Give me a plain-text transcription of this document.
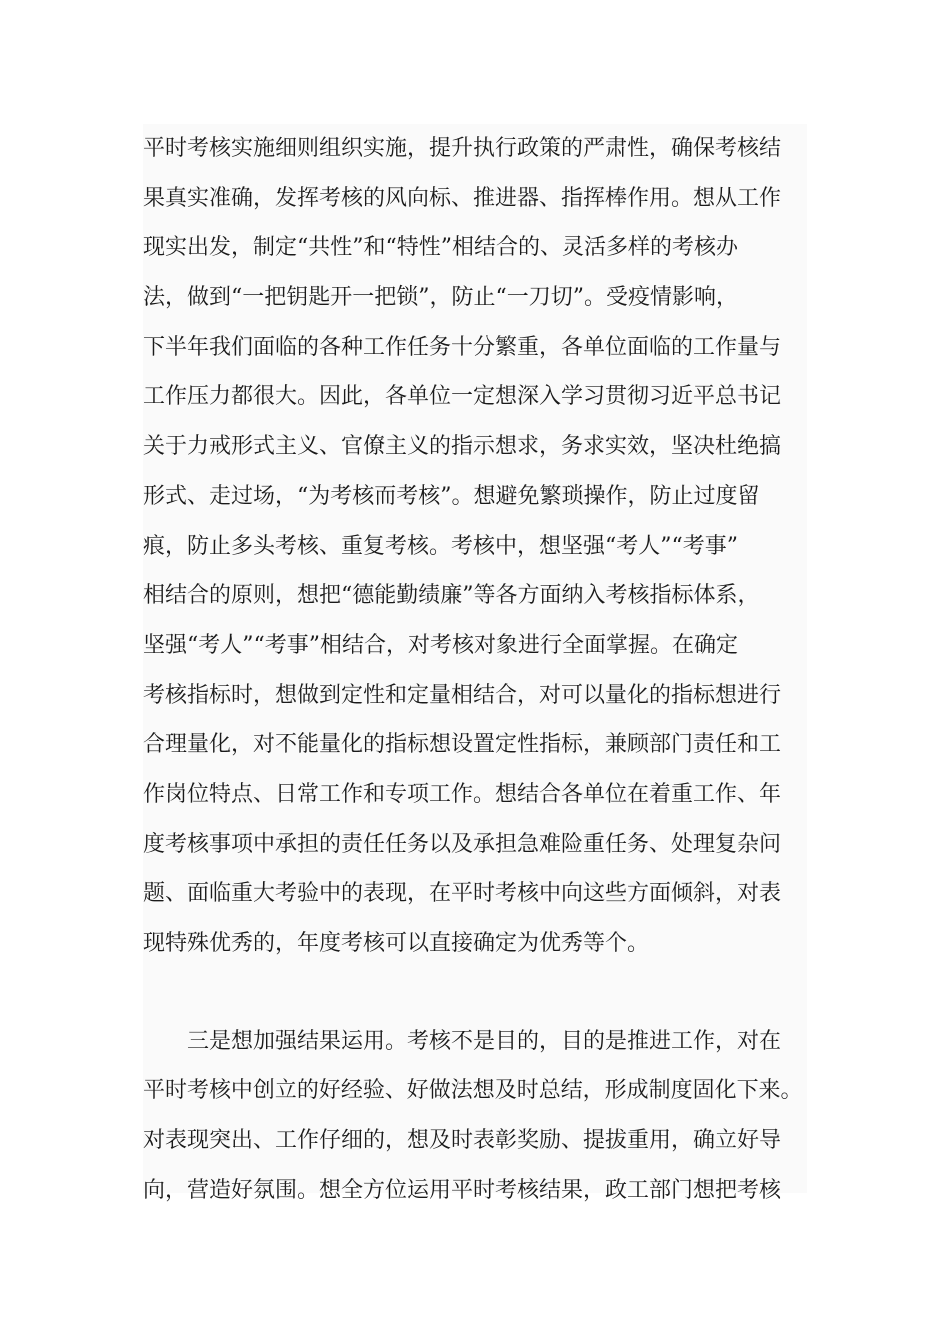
平时考核实施细则组织实施，提升执行政策的严肃性，确保考核结
果真实准确，发挥考核的风向标、推进器、指挥棒作用。想从工作
现实出发，制定“共性”和“特性”相结合的、灵活多样的考核办
法，做到“一把钥匙开一把锁”，防止“一刀切”。受疫情影响，
下半年我们面临的各种工作任务十分繁重，各单位面临的工作量与
工作压力都很大。因此，各单位一定想深入学习贯彻习近平总书记
关于力戒形式主义、官僚主义的指示想求，务求实效，坚决杜绝搞
形式、走过场，“为考核而考核”。想避免繁琐操作，防止过度留
痕，防止多头考核、重复考核。考核中，想坚强“考人”“考事”
相结合的原则，想把“德能勤绩廉”等各方面纳入考核指标体系，
坚强“考人”“考事”相结合，对考核对象进行全面掌握。在确定
考核指标时，想做到定性和定量相结合，对可以量化的指标想进行
合理量化，对不能量化的指标想设置定性指标，兼顾部门责任和工
作岗位特点、日常工作和专项工作。想结合各单位在着重工作、年
度考核事项中承担的责任任务以及承担急难险重任务、处理复杂问
题、面临重大考验中的表现，在平时考核中向这些方面倾斜，对表
现特殊优秀的，年度考核可以直接确定为优秀等个。
三是想加强结果运用。考核不是目的，目的是推进工作，对在
平时考核中创立的好经验、好做法想及时总结，形成制度固化下来。
对表现突出、工作仔细的，想及时表彰奖励、提拔重用，确立好导
向，营造好氛围。想全方位运用平时考核结果，政工部门想把考核
